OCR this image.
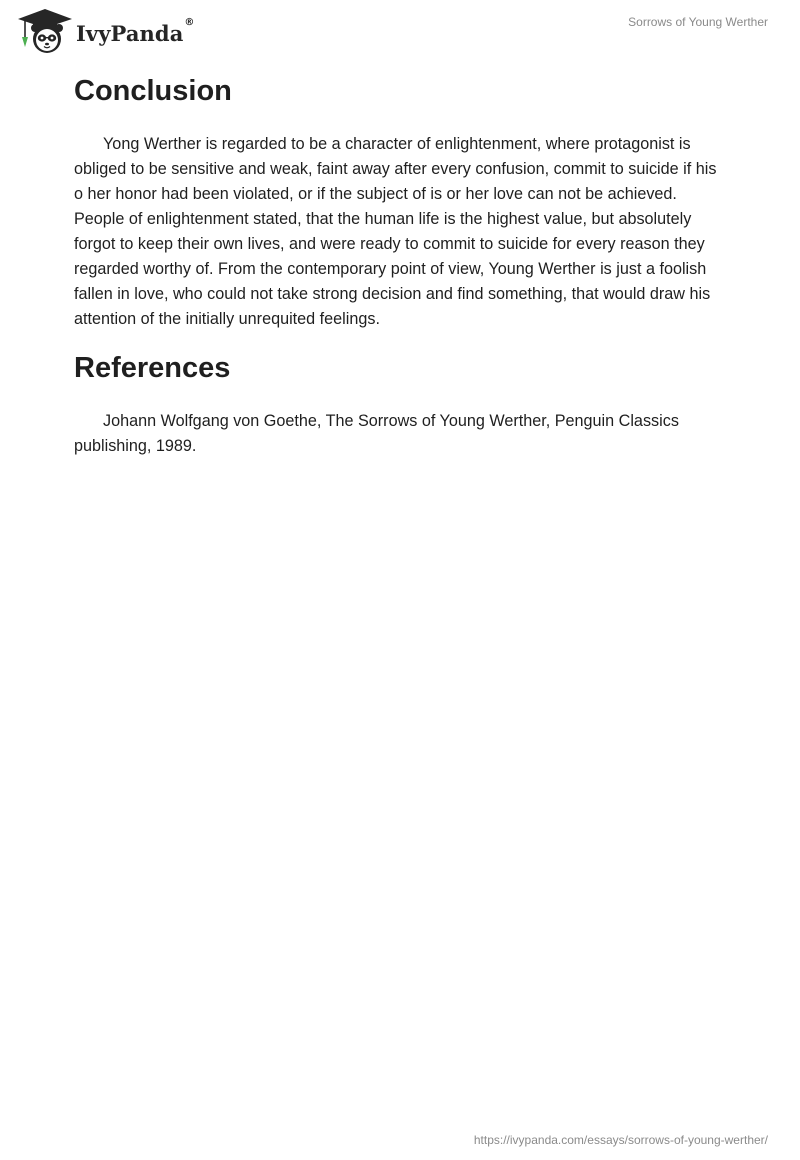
IvyPanda®	Sorrows of Young Werther
Conclusion

Yong Werther is regarded to be a character of enlightenment, where protagonist is obliged to be sensitive and weak, faint away after every confusion, commit to suicide if his o her honor had been violated, or if the subject of is or her love can not be achieved. People of enlightenment stated, that the human life is the highest value, but absolutely forgot to keep their own lives, and were ready to commit to suicide for every reason they regarded worthy of. From the contemporary point of view, Young Werther is just a foolish fallen in love, who could not take strong decision and find something, that would draw his attention of the initially unrequited feelings.

References

Johann Wolfgang von Goethe, The Sorrows of Young Werther, Penguin Classics publishing, 1989.

https://ivypanda.com/essays/sorrows-of-young-werther/
